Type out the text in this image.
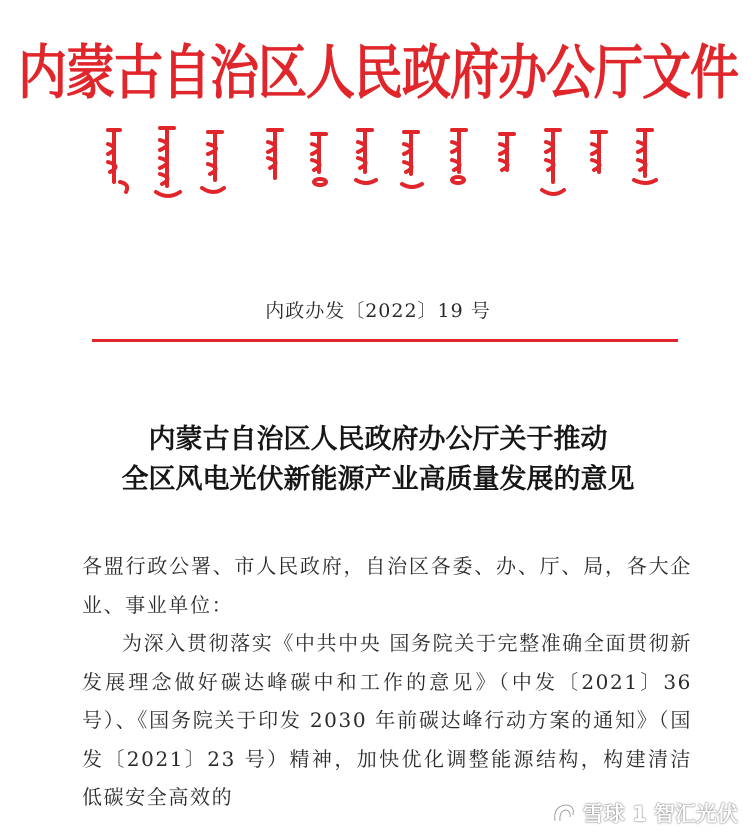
内蒙古自治区人民政府办公厅文件
内政办发〔2022〕19 号
内蒙古自治区人民政府办公厅关于推动
全区风电光伏新能源产业高质量发展的意见

各盟行政公署、市人民政府，自治区各委、办、厅、局，各大企业、事业单位：

为深入贯彻落实《中共中央 国务院关于完整准确全面贯彻新发展理念做好碳达峰碳中和工作的意见》（中发〔2021〕36 号）、《国务院关于印发 2030 年前碳达峰行动方案的通知》（国发〔2021〕23 号）精神，加快优化调整能源结构，构建清洁低碳安全高效的

雪球 1 智汇光伏
